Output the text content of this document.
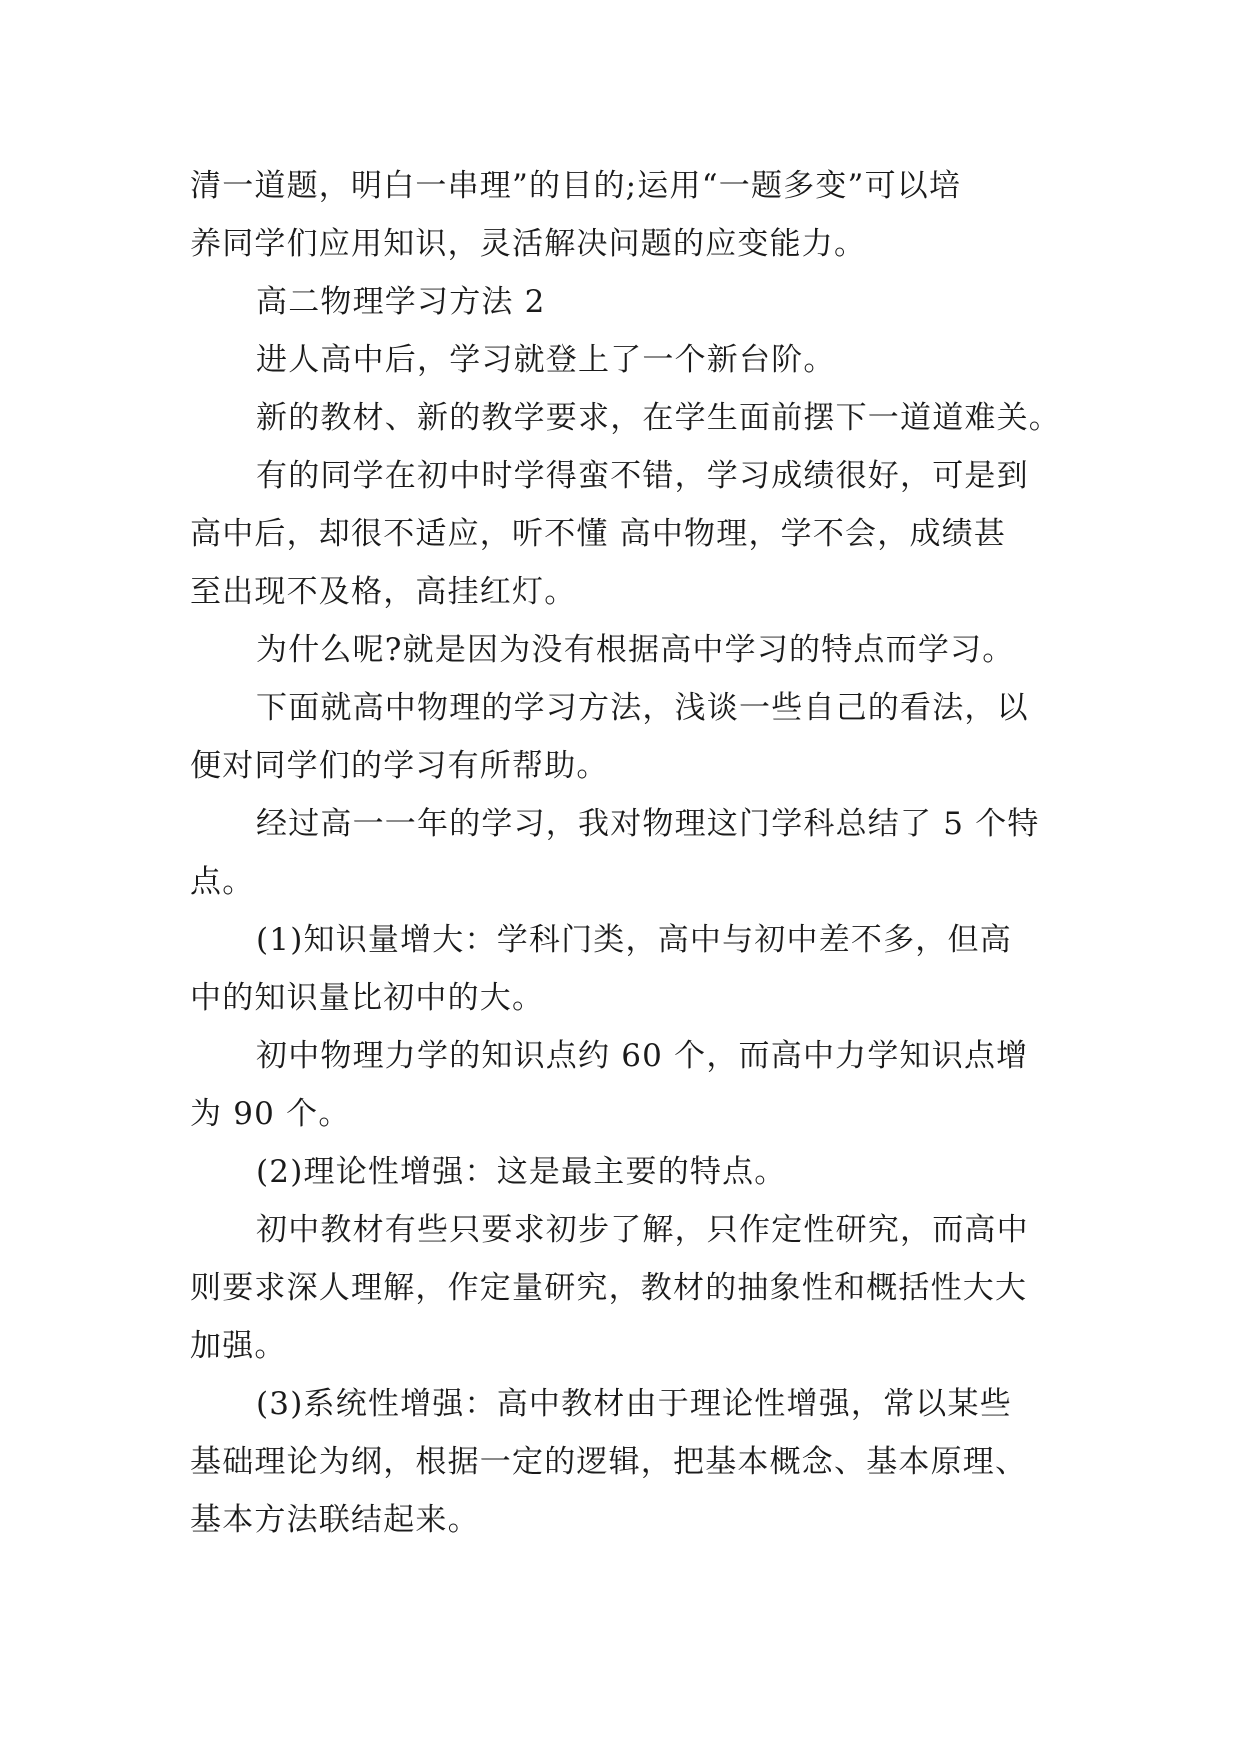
清一道题，明白一串理”的目的;运用“一题多变”可以培
养同学们应用知识，灵活解决问题的应变能力。
高二物理学习方法 2
进人高中后，学习就登上了一个新台阶。
新的教材、新的教学要求，在学生面前摆下一道道难关。
有的同学在初中时学得蛮不错，学习成绩很好，可是到
高中后，却很不适应，听不懂 高中物理，学不会，成绩甚
至出现不及格，高挂红灯。
为什么呢?就是因为没有根据高中学习的特点而学习。
下面就高中物理的学习方法，浅谈一些自己的看法，以
便对同学们的学习有所帮助。
经过高一一年的学习，我对物理这门学科总结了 5 个特
点。
(1)知识量增大：学科门类，高中与初中差不多，但高
中的知识量比初中的大。
初中物理力学的知识点约 60 个，而高中力学知识点增
为 90 个。
(2)理论性增强：这是最主要的特点。
初中教材有些只要求初步了解，只作定性研究，而高中
则要求深人理解，作定量研究，教材的抽象性和概括性大大
加强。
(3)系统性增强：高中教材由于理论性增强，常以某些
基础理论为纲，根据一定的逻辑，把基本概念、基本原理、
基本方法联结起来。
